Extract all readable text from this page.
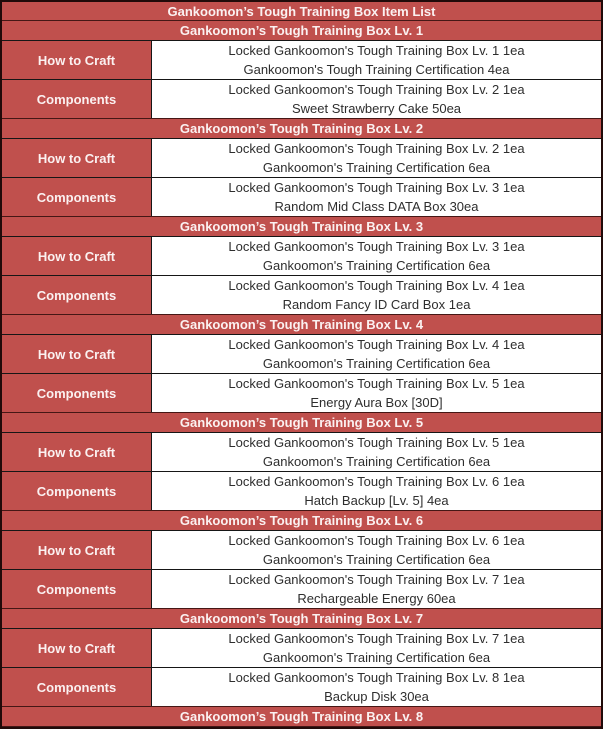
Gankoomon’s Tough Training Box Item List
Gankoomon’s Tough Training Box Lv. 1
How to Craft
Locked Gankoomon's Tough Training Box Lv. 1 1ea
Gankoomon's Tough Training Certification 4ea
Components
Locked Gankoomon's Tough Training Box Lv. 2 1ea
Sweet Strawberry Cake 50ea
Gankoomon’s Tough Training Box Lv. 2
How to Craft
Locked Gankoomon's Tough Training Box Lv. 2 1ea
Gankoomon's Training Certification 6ea
Components
Locked Gankoomon's Tough Training Box Lv. 3 1ea
Random Mid Class DATA Box 30ea
Gankoomon’s Tough Training Box Lv. 3
How to Craft
Locked Gankoomon's Tough Training Box Lv. 3 1ea
Gankoomon's Training Certification 6ea
Components
Locked Gankoomon's Tough Training Box Lv. 4 1ea
Random Fancy ID Card Box 1ea
Gankoomon’s Tough Training Box Lv. 4
How to Craft
Locked Gankoomon's Tough Training Box Lv. 4 1ea
Gankoomon's Training Certification 6ea
Components
Locked Gankoomon's Tough Training Box Lv. 5 1ea
Energy Aura Box [30D]
Gankoomon’s Tough Training Box Lv. 5
How to Craft
Locked Gankoomon's Tough Training Box Lv. 5 1ea
Gankoomon's Training Certification 6ea
Components
Locked Gankoomon's Tough Training Box Lv. 6 1ea
Hatch Backup [Lv. 5] 4ea
Gankoomon’s Tough Training Box Lv. 6
How to Craft
Locked Gankoomon's Tough Training Box Lv. 6 1ea
Gankoomon's Training Certification 6ea
Components
Locked Gankoomon's Tough Training Box Lv. 7 1ea
Rechargeable Energy 60ea
Gankoomon’s Tough Training Box Lv. 7
How to Craft
Locked Gankoomon's Tough Training Box Lv. 7 1ea
Gankoomon's Training Certification 6ea
Components
Locked Gankoomon's Tough Training Box Lv. 8 1ea
Backup Disk 30ea
Gankoomon’s Tough Training Box Lv. 8
